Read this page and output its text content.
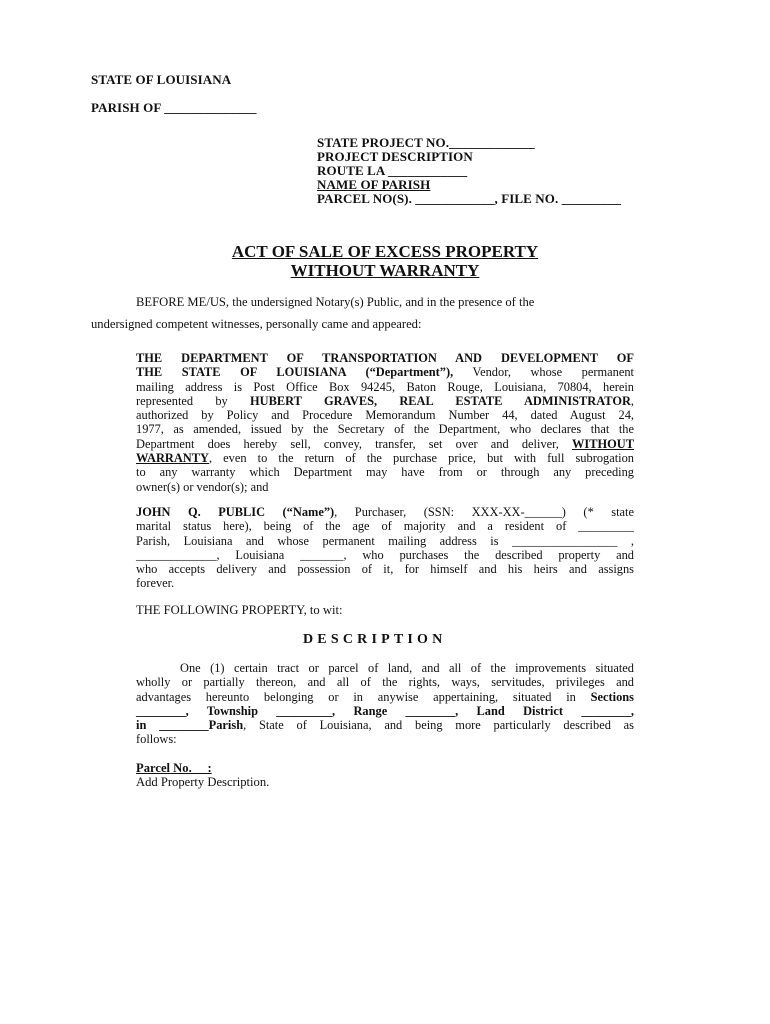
STATE OF LOUISIANA
PARISH OF ______________
STATE PROJECT NO._____________
PROJECT DESCRIPTION
ROUTE LA ____________
NAME OF PARISH
PARCEL NO(S). ____________, FILE NO. _________
ACT OF SALE OF EXCESS PROPERTY
WITHOUT WARRANTY
BEFORE ME/US, the undersigned Notary(s) Public, and in the presence of the
undersigned competent witnesses, personally came and appeared:
THE DEPARTMENT OF TRANSPORTATION AND DEVELOPMENT OF
THE STATE OF LOUISIANA (“Department”), Vendor, whose permanent
mailing address is Post Office Box 94245, Baton Rouge, Louisiana, 70804, herein
represented by HUBERT GRAVES, REAL ESTATE ADMINISTRATOR,
authorized by Policy and Procedure Memorandum Number 44, dated August 24,
1977, as amended, issued by the Secretary of the Department, who declares that the
Department does hereby sell, convey, transfer, set over and deliver, WITHOUT
WARRANTY, even to the return of the purchase price, but with full subrogation
to any warranty which Department may have from or through any preceding
owner(s) or vendor(s); and
JOHN Q. PUBLIC (“Name”), Purchaser, (SSN: XXX-XX-______) (* state
marital status here), being of the age of majority and a resident of _________
Parish, Louisiana and whose permanent mailing address is _________________ ,
_____________, Louisiana _______, who purchases the described property and
who accepts delivery and possession of it, for himself and his heirs and assigns
forever.
THE FOLLOWING PROPERTY, to wit:
DESCRIPTION
One (1) certain tract or parcel of land, and all of the improvements situated
wholly or partially thereon, and all of the rights, ways, servitudes, privileges and
advantages hereunto belonging or in anywise appertaining, situated in Sections
________, Township _________, Range ________, Land District ________,
in ________Parish, State of Louisiana, and being more particularly described as
follows:
Parcel No.     :
Add Property Description.
